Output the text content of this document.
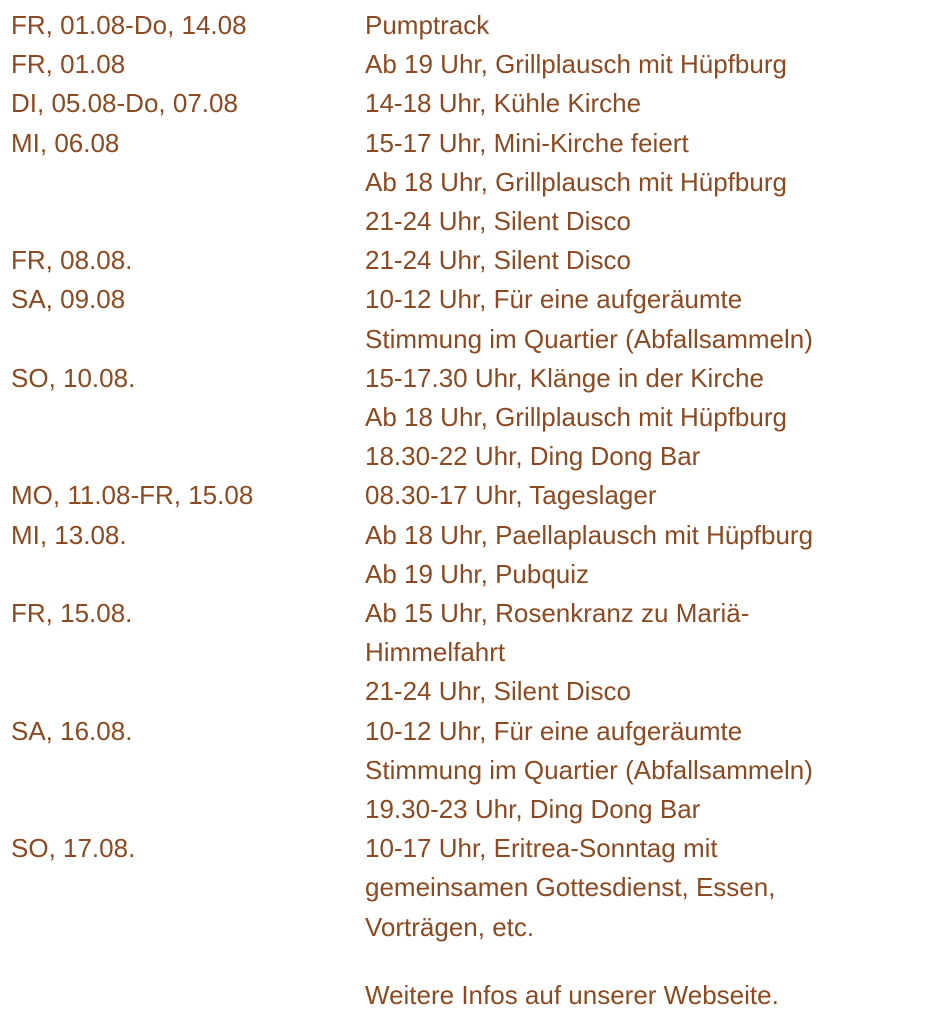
FR, 01.08-Do, 14.08	Pumptrack
FR, 01.08	Ab 19 Uhr, Grillplausch mit Hüpfburg
DI, 05.08-Do, 07.08	14-18 Uhr, Kühle Kirche
MI, 06.08	15-17 Uhr, Mini-Kirche feiert
Ab 18 Uhr, Grillplausch mit Hüpfburg
21-24 Uhr, Silent Disco
FR, 08.08.	21-24 Uhr, Silent Disco
SA, 09.08	10-12 Uhr, Für eine aufgeräumte
Stimmung im Quartier (Abfallsammeln)
SO, 10.08.	15-17.30 Uhr, Klänge in der Kirche
Ab 18 Uhr, Grillplausch mit Hüpfburg
18.30-22 Uhr, Ding Dong Bar
MO, 11.08-FR, 15.08	08.30-17 Uhr, Tageslager
MI, 13.08.	Ab 18 Uhr, Paellaplausch mit Hüpfburg
Ab 19 Uhr, Pubquiz
FR, 15.08.	Ab 15 Uhr, Rosenkranz zu Mariä-
Himmelfahrt
21-24 Uhr, Silent Disco
SA, 16.08.	10-12 Uhr, Für eine aufgeräumte
Stimmung im Quartier (Abfallsammeln)
19.30-23 Uhr, Ding Dong Bar
SO, 17.08.	10-17 Uhr, Eritrea-Sonntag mit
gemeinsamen Gottesdienst, Essen,
Vorträgen, etc.
Weitere Infos auf unserer Webseite.
